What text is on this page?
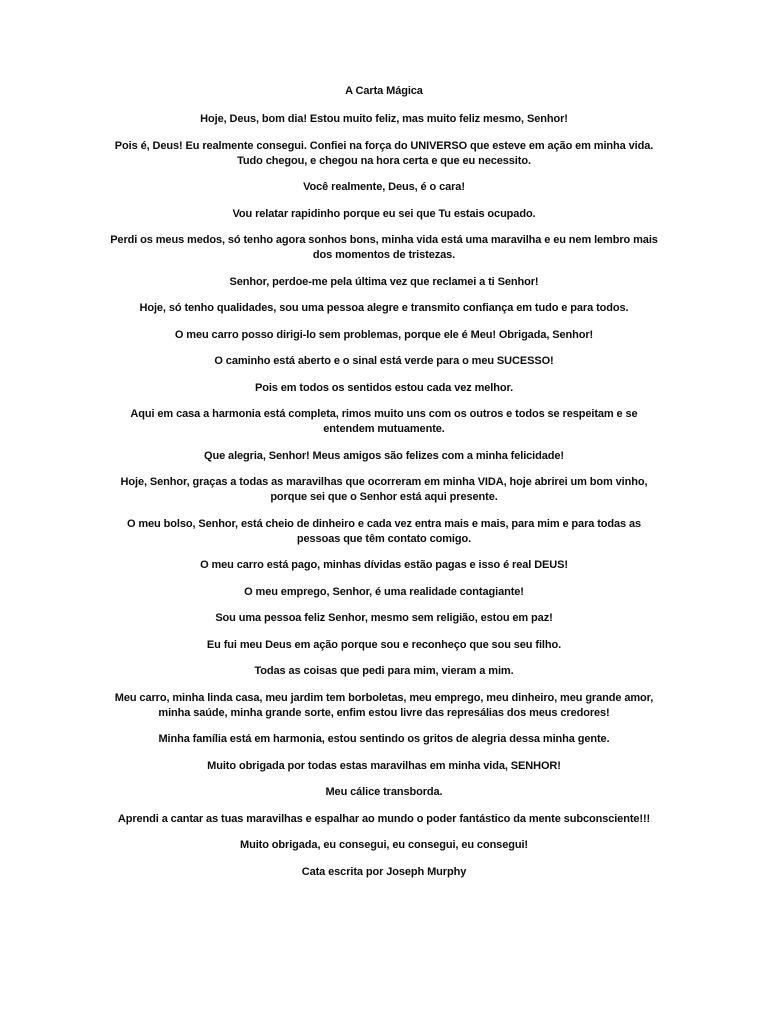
A Carta Mágica

Hoje, Deus, bom dia! Estou muito feliz, mas muito feliz mesmo, Senhor!

Pois é, Deus! Eu realmente consegui. Confiei na força do UNIVERSO que esteve em ação em minha vida. Tudo chegou, e chegou na hora certa e que eu necessito.

Você realmente, Deus, é o cara!

Vou relatar rapidinho porque eu sei que Tu estais ocupado.

Perdi os meus medos, só tenho agora sonhos bons, minha vida está uma maravilha e eu nem lembro mais dos momentos de tristezas.

Senhor, perdoe-me pela última vez que reclamei a ti Senhor!

Hoje, só tenho qualidades, sou uma pessoa alegre e transmito confiança em tudo e para todos.

O meu carro posso dirigi-lo sem problemas, porque ele é Meu! Obrigada, Senhor!

O caminho está aberto e o sinal está verde para o meu SUCESSO!

Pois em todos os sentidos estou cada vez melhor.

Aqui em casa a harmonia está completa, rimos muito uns com os outros e todos se respeitam e se entendem mutuamente.

Que alegria, Senhor! Meus amigos são felizes com a minha felicidade!

Hoje, Senhor, graças a todas as maravilhas que ocorreram em minha VIDA, hoje abrirei um bom vinho, porque sei que o Senhor está aqui presente.

O meu bolso, Senhor, está cheio de dinheiro e cada vez entra mais e mais, para mim e para todas as pessoas que têm contato comigo.

O meu carro está pago, minhas dívidas estão pagas e isso é real DEUS!

O meu emprego, Senhor, é uma realidade contagiante!

Sou uma pessoa feliz Senhor, mesmo sem religião, estou em paz!

Eu fui meu Deus em ação porque sou e reconheço que sou seu filho.

Todas as coisas que pedi para mim, vieram a mim.

Meu carro, minha linda casa, meu jardim tem borboletas, meu emprego, meu dinheiro, meu grande amor, minha saúde, minha grande sorte, enfim estou livre das represálias dos meus credores!

Minha família está em harmonia, estou sentindo os gritos de alegria dessa minha gente.

Muito obrigada por todas estas maravilhas em minha vida, SENHOR!

Meu cálice transborda.

Aprendi a cantar as tuas maravilhas e espalhar ao mundo o poder fantástico da mente subconsciente!!!

Muito obrigada, eu consegui, eu consegui, eu consegui!

Cata escrita por Joseph Murphy
